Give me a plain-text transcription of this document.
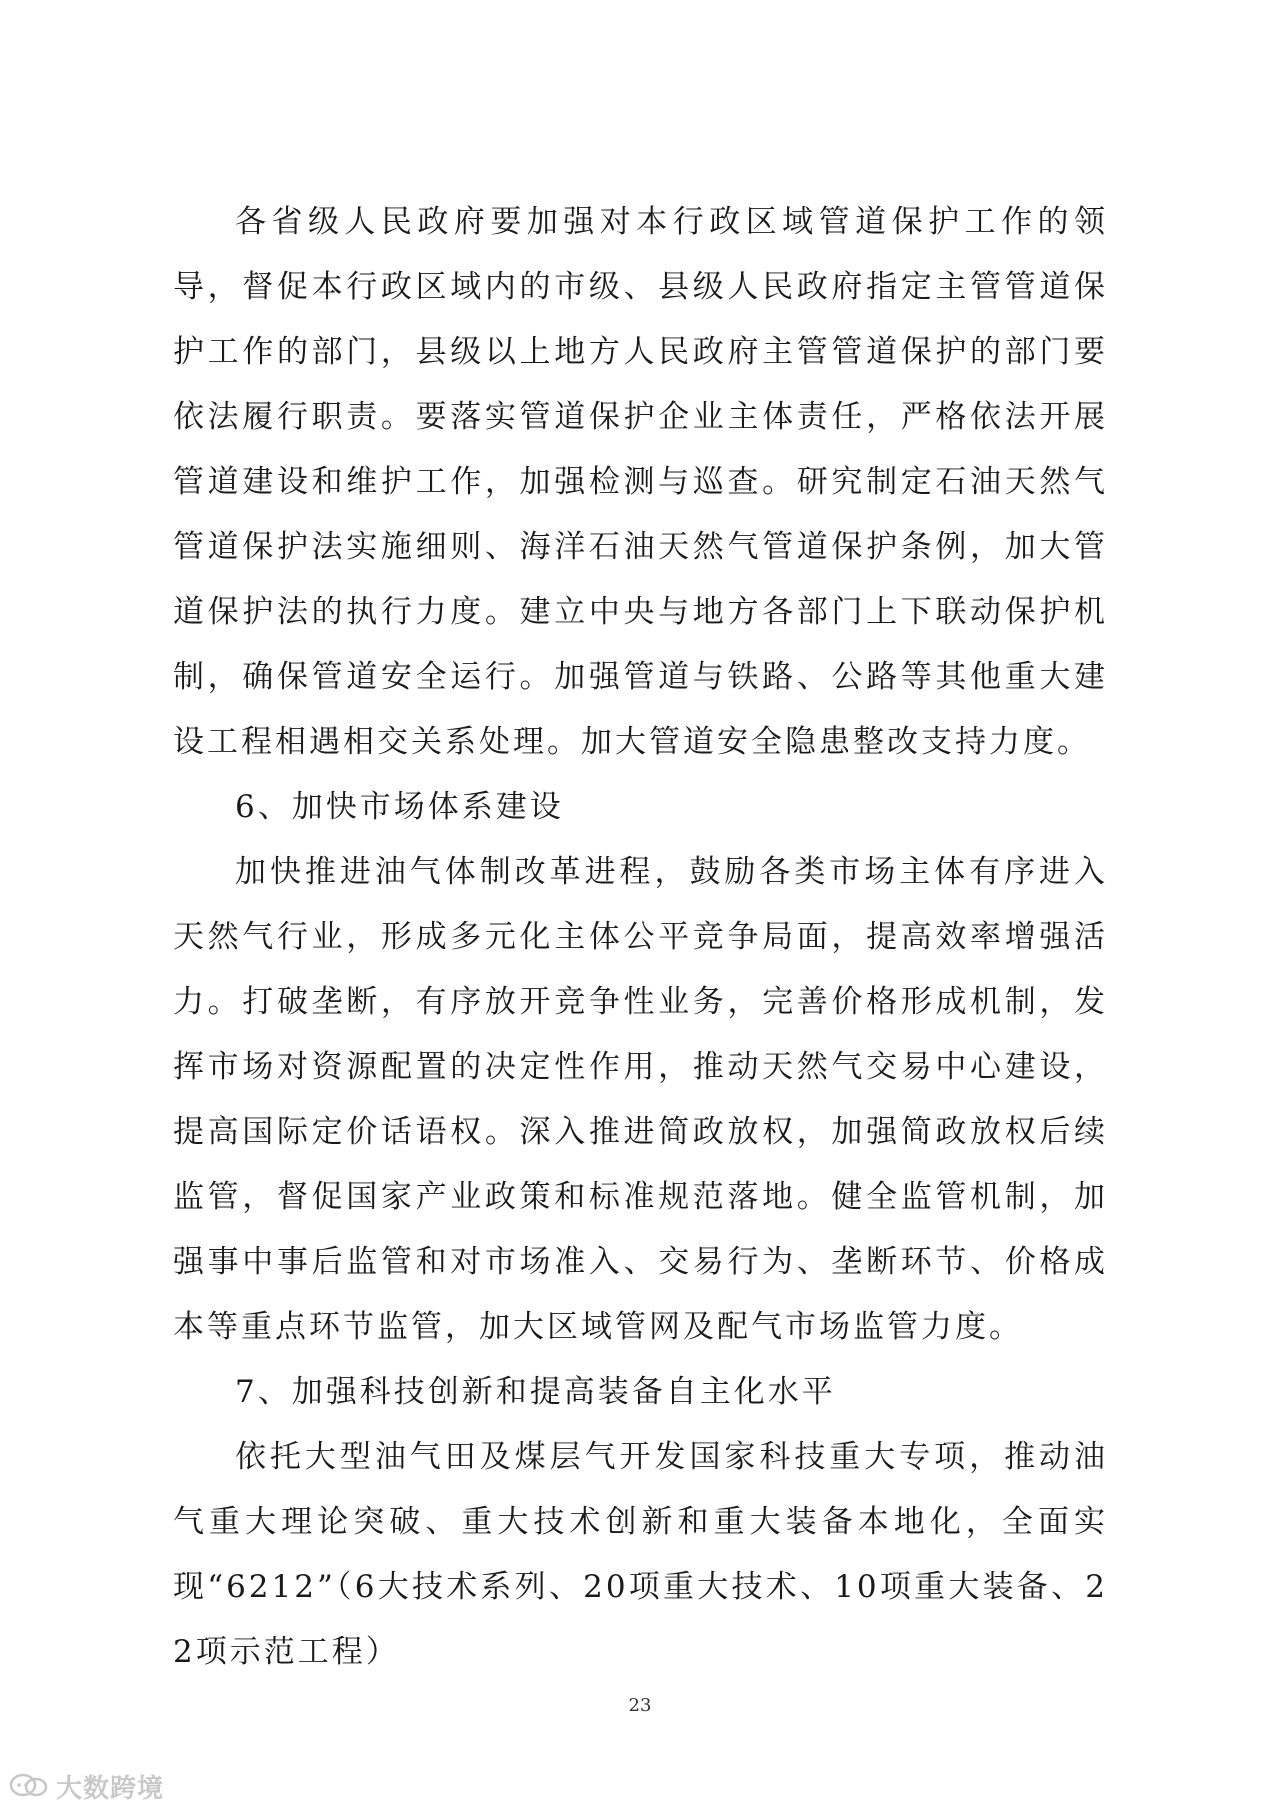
各省级人民政府要加强对本行政区域管道保护工作的领导，督促本行政区域内的市级、县级人民政府指定主管管道保护工作的部门，县级以上地方人民政府主管管道保护的部门要依法履行职责。要落实管道保护企业主体责任，严格依法开展管道建设和维护工作，加强检测与巡查。研究制定石油天然气管道保护法实施细则、海洋石油天然气管道保护条例，加大管道保护法的执行力度。建立中央与地方各部门上下联动保护机制，确保管道安全运行。加强管道与铁路、公路等其他重大建设工程相遇相交关系处理。加大管道安全隐患整改支持力度。

6、加快市场体系建设

加快推进油气体制改革进程，鼓励各类市场主体有序进入天然气行业，形成多元化主体公平竞争局面，提高效率增强活力。打破垄断，有序放开竞争性业务，完善价格形成机制，发挥市场对资源配置的决定性作用，推动天然气交易中心建设，提高国际定价话语权。深入推进简政放权，加强简政放权后续监管，督促国家产业政策和标准规范落地。健全监管机制，加强事中事后监管和对市场准入、交易行为、垄断环节、价格成本等重点环节监管，加大区域管网及配气市场监管力度。

7、加强科技创新和提高装备自主化水平

依托大型油气田及煤层气开发国家科技重大专项，推动油气重大理论突破、重大技术创新和重大装备本地化，全面实现“6212”（6大技术系列、20项重大技术、10项重大装备、22项示范工程）

23
大数跨境
